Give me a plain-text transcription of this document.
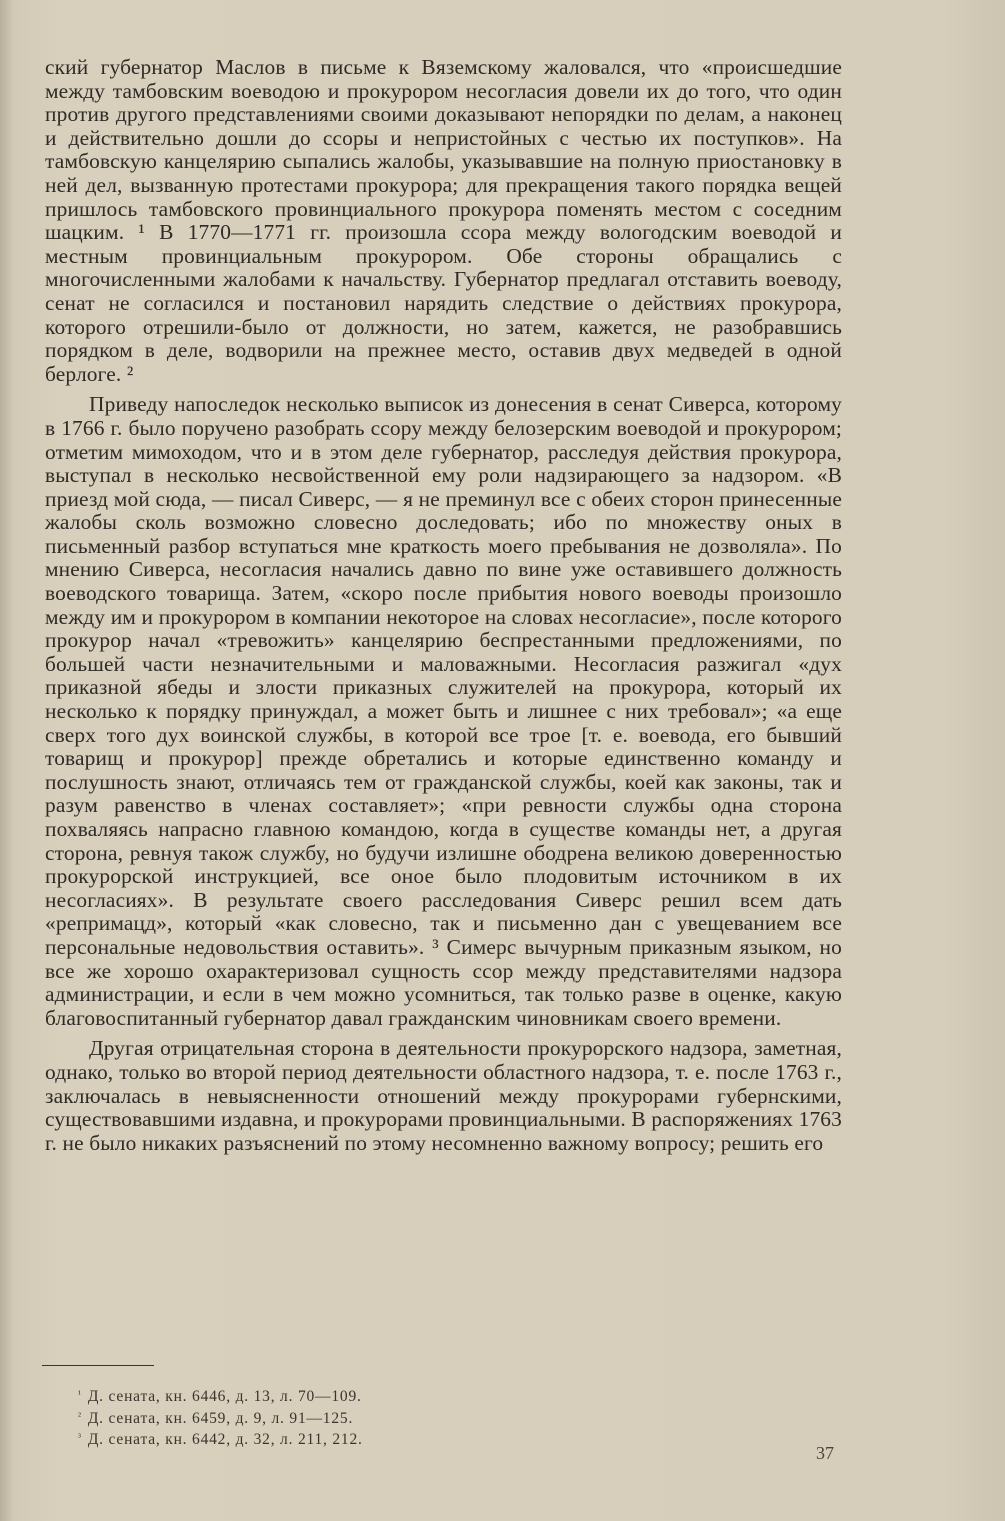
ский губернатор Маслов в письме к Вяземскому жаловался, что «происшедшие между тамбовским воеводою и прокурором несогласия довели их до того, что один против другого представлениями своими доказывают непорядки по делам, а наконец и действительно дошли до ссоры и непристойных с честью их поступков». На тамбовскую канцелярию сыпались жалобы, указывавшие на полную приостановку в ней дел, вызванную протестами прокурора; для прекращения такого порядка вещей пришлось тамбовского провинциального прокурора поменять местом с соседним шацким. ¹ В 1770—1771 гг. произошла ссора между вологодским воеводой и местным провинциальным прокурором. Обе стороны обращались с многочисленными жалобами к начальству. Губернатор предлагал отставить воеводу, сенат не согласился и постановил нарядить следствие о действиях прокурора, которого отрешили-было от должности, но затем, кажется, не разобравшись порядком в деле, водворили на прежнее место, оставив двух медведей в одной берлоге. ²

Приведу напоследок несколько выписок из донесения в сенат Сиверса, которому в 1766 г. было поручено разобрать ссору между белозерским воеводой и прокурором; отметим мимоходом, что и в этом деле губернатор, расследуя действия прокурора, выступал в несколько несвойственной ему роли надзирающего за надзором. «В приезд мой сюда, — писал Сиверс, — я не преминул все с обеих сторон принесенные жалобы сколь возможно словесно доследовать; ибо по множеству оных в письменный разбор вступаться мне краткость моего пребывания не дозволяла». По мнению Сиверса, несогласия начались давно по вине уже оставившего должность воеводского товарища. Затем, «скоро после прибытия нового воеводы произошло между им и прокурором в компании некоторое на словах несогласие», после которого прокурор начал «тревожить» канцелярию беспрестанными предложениями, по большей части незначительными и маловажными. Несогласия разжигал «дух приказной ябеды и злости приказных служителей на прокурора, который их несколько к порядку принуждал, а может быть и лишнее с них требовал»; «а еще сверх того дух воинской службы, в которой все трое [т. е. воевода, его бывший товарищ и прокурор] прежде обретались и которые единственно команду и послушность знают, отличаясь тем от гражданской службы, коей как законы, так и разум равенство в членах составляет»; «при ревности службы одна сторона похваляясь напрасно главною командою, когда в существе команды нет, а другая сторона, ревнуя також службу, но будучи излишне ободрена великою доверенностью прокурорской инструкцией, все оное было плодовитым источником в их несогласиях». В результате своего расследования Сиверс решил всем дать «репримацд», который «как словесно, так и письменно дан с увещеванием все персональные недовольствия оставить». ³ Симерс вычурным приказным языком, но все же хорошо охарактеризовал сущность ссор между представителями надзора администрации, и если в чем можно усомниться, так только разве в оценке, какую благовоспитанный губернатор давал гражданским чиновникам своего времени.

Другая отрицательная сторона в деятельности прокурорского надзора, заметная, однако, только во второй период деятельности областного надзора, т. е. после 1763 г., заключалась в невыясненности отношений между прокурорами губернскими, существовавшими издавна, и прокурорами провинциальными. В распоряжениях 1763 г. не было никаких разъяснений по этому несомненно важному вопросу; решить его

$^{^1}$ Д. сената, кн. 6446, д. 13, л. 70—109.
$^{^2}$ Д. сената, кн. 6459, д. 9, л. 91—125.
$^{^3}$ Д. сената, кн. 6442, д. 32, л. 211, 212.
37
